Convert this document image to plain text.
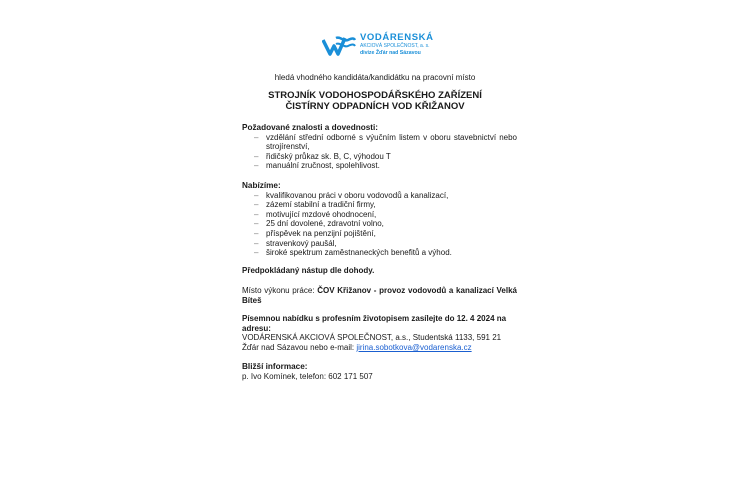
VODÁRENSKÁ
AKCIOVÁ SPOLEČNOST, a. s.
divize Žďár nad Sázavou
hledá vhodného kandidáta/kandidátku na pracovní místo
STROJNÍK VODOHOSPODÁŘSKÉHO ZAŘÍZENÍ
ČISTÍRNY ODPADNÍCH VOD KŘIŽANOV
Požadované znalosti a dovednosti:
– vzdělání střední odborné s výučním listem v oboru stavebnictví nebo strojírenství,
– řidičský průkaz sk. B, C, výhodou T
– manuální zručnost, spolehlivost.
Nabízíme:
– kvalifikovanou práci v oboru vodovodů a kanalizací,
– zázemí stabilní a tradiční firmy,
– motivující mzdové ohodnocení,
– 25 dní dovolené, zdravotní volno,
– příspěvek na penzijní pojištění,
– stravenkový paušál,
– široké spektrum zaměstnaneckých benefitů a výhod.
Předpokládaný nástup dle dohody.
Místo výkonu práce: ČOV Křižanov - provoz vodovodů a kanalizací Velká Bíteš
Písemnou nabídku s profesním životopisem zasílejte do 12. 4 2024 na adresu:
VODÁRENSKÁ AKCIOVÁ SPOLEČNOST, a.s., Studentská 1133, 591 21
Žďár nad Sázavou nebo e-mail: jirina.sobotkova@vodarenska.cz
Bližší informace:
p. Ivo Komínek, telefon: 602 171 507
